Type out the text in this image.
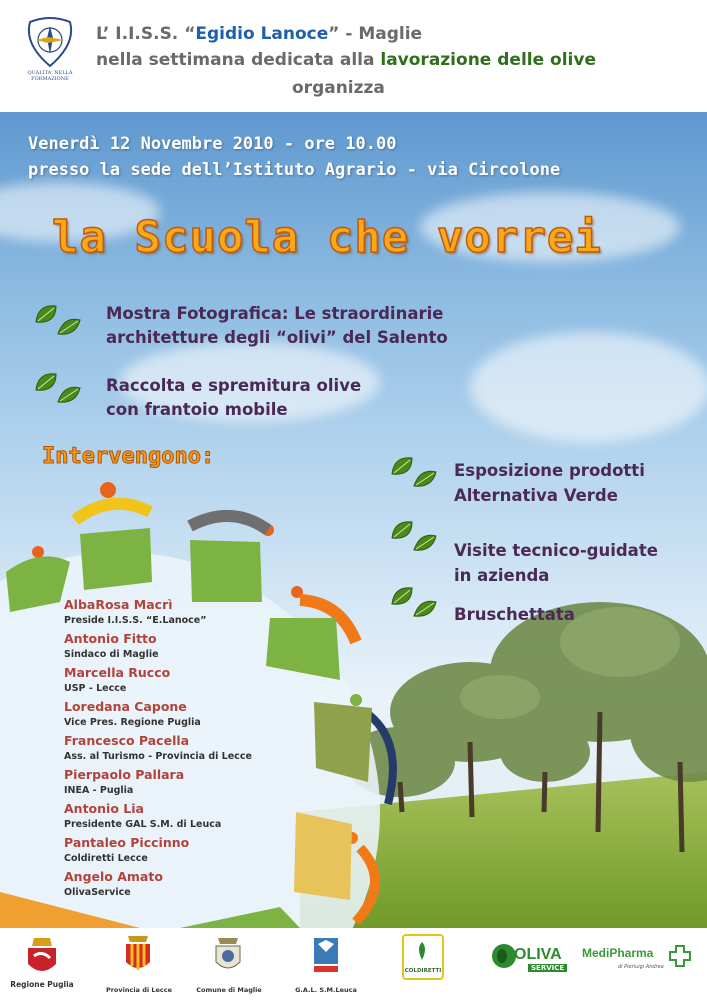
QUALITA' NELLA FORMAZIONE
L’ I.I.S.S. “Egidio Lanoce” - Maglie
nella settimana dedicata alla lavorazione delle olive
organizza
Venerdì 12 Novembre 2010 - ore 10.00
presso la sede dell’Istituto Agrario - via Circolone
la Scuola che vorrei
Mostra Fotografica: Le straordinarie
architetture degli “olivi” del Salento
Raccolta e spremitura olive
con frantoio mobile
Intervengono:
Esposizione prodotti
Alternativa Verde
Visite tecnico-guidate
in azienda
Bruschettata
AlbaRosa Macrì
Preside I.I.S.S. “E.Lanoce”
Antonio Fitto
Sindaco di Maglie
Marcella Rucco
USP - Lecce
Loredana Capone
Vice Pres. Regione Puglia
Francesco Pacella
Ass. al Turismo - Provincia di Lecce
Pierpaolo Pallara
INEA - Puglia
Antonio Lia
Presidente GAL S.M. di Leuca
Pantaleo Piccinno
Coldiretti Lecce
Angelo Amato
OlivaService
Regione Puglia
Provincia di Lecce	Comune di Maglie	G.A.L. S.M.Leuca
COLDIRETTI
OLIVA
SERVICE
MediPharma
di Pierluigi Andrea
